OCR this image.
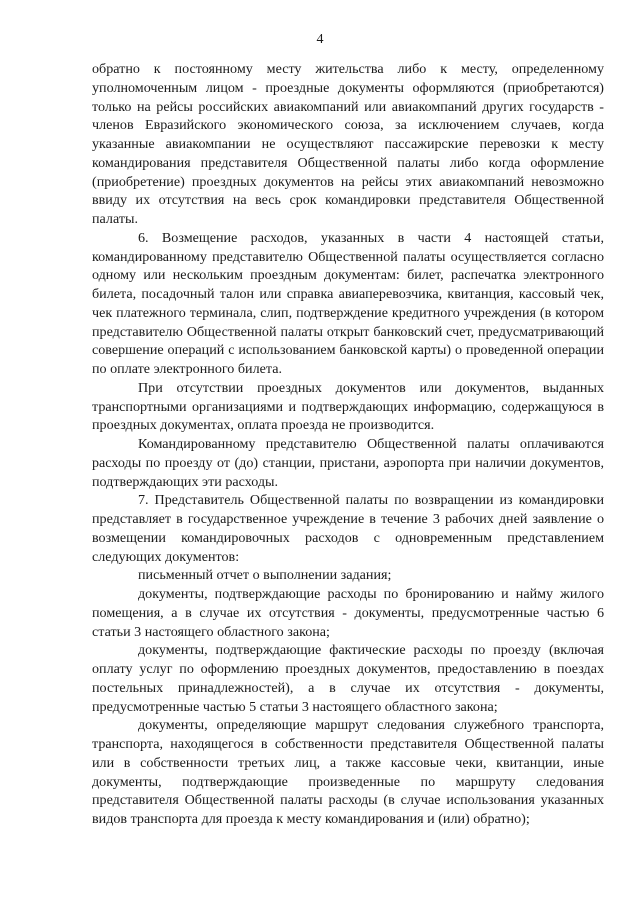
4

обратно к постоянному месту жительства либо к месту, определенному уполномоченным лицом - проездные документы оформляются (приобретаются) только на рейсы российских авиакомпаний или авиакомпаний других государств - членов Евразийского экономического союза, за исключением случаев, когда указанные авиакомпании не осуществляют пассажирские перевозки к месту командирования представителя Общественной палаты либо когда оформление (приобретение) проездных документов на рейсы этих авиакомпаний невозможно ввиду их отсутствия на весь срок командировки представителя Общественной палаты.

6. Возмещение расходов, указанных в части 4 настоящей статьи, командированному представителю Общественной палаты осуществляется согласно одному или нескольким проездным документам: билет, распечатка электронного билета, посадочный талон или справка авиаперевозчика, квитанция, кассовый чек, чек платежного терминала, слип, подтверждение кредитного учреждения (в котором представителю Общественной палаты открыт банковский счет, предусматривающий совершение операций с использованием банковской карты) о проведенной операции по оплате электронного билета.

При отсутствии проездных документов или документов, выданных транспортными организациями и подтверждающих информацию, содержащуюся в проездных документах, оплата проезда не производится.

Командированному представителю Общественной палаты оплачиваются расходы по проезду от (до) станции, пристани, аэропорта при наличии документов, подтверждающих эти расходы.

7. Представитель Общественной палаты по возвращении из командировки представляет в государственное учреждение в течение 3 рабочих дней заявление о возмещении командировочных расходов с одновременным представлением следующих документов:

письменный отчет о выполнении задания;

документы, подтверждающие расходы по бронированию и найму жилого помещения, а в случае их отсутствия - документы, предусмотренные частью 6 статьи 3 настоящего областного закона;

документы, подтверждающие фактические расходы по проезду (включая оплату услуг по оформлению проездных документов, предоставлению в поездах постельных принадлежностей), а в случае их отсутствия - документы, предусмотренные частью 5 статьи 3 настоящего областного закона;

документы, определяющие маршрут следования служебного транспорта, транспорта, находящегося в собственности представителя Общественной палаты или в собственности третьих лиц, а также кассовые чеки, квитанции, иные документы, подтверждающие произведенные по маршруту следования представителя Общественной палаты расходы (в случае использования указанных видов транспорта для проезда к месту командирования и (или) обратно);
